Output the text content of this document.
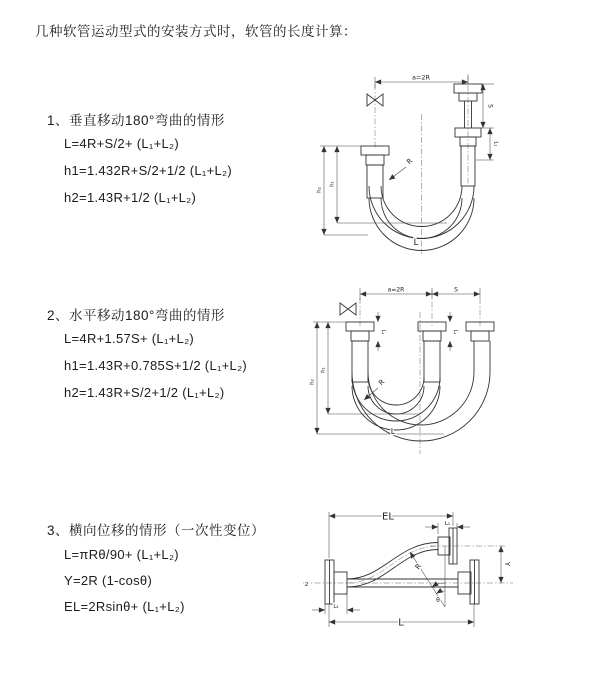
几种软管运动型式的安装方式时，软管的长度计算：
1、垂直移动180°弯曲的情形
L=4R+S/2+ (L₁+L₂)
h1=1.432R+S/2+1/2 (L₁+L₂)
h2=1.43R+1/2 (L₁+L₂)
2、水平移动180°弯曲的情形
L=4R+1.57S+ (L₁+L₂)
h1=1.43R+0.785S+1/2 (L₁+L₂)
h2=1.43R+S/2+1/2 (L₁+L₂)
3、横向位移的情形（一次性变位）
L=πRθ/90+ (L₁+L₂)
Y=2R (1-cosθ)
EL=2Rsinθ+ (L₁+L₂)
a=2R
S
L₁
h₁
h₂
R
L
a=2R	S
L₁	L₁
h₁
h₂	R
L
EL
L₁
Y
L
L₂
z
R
θ
